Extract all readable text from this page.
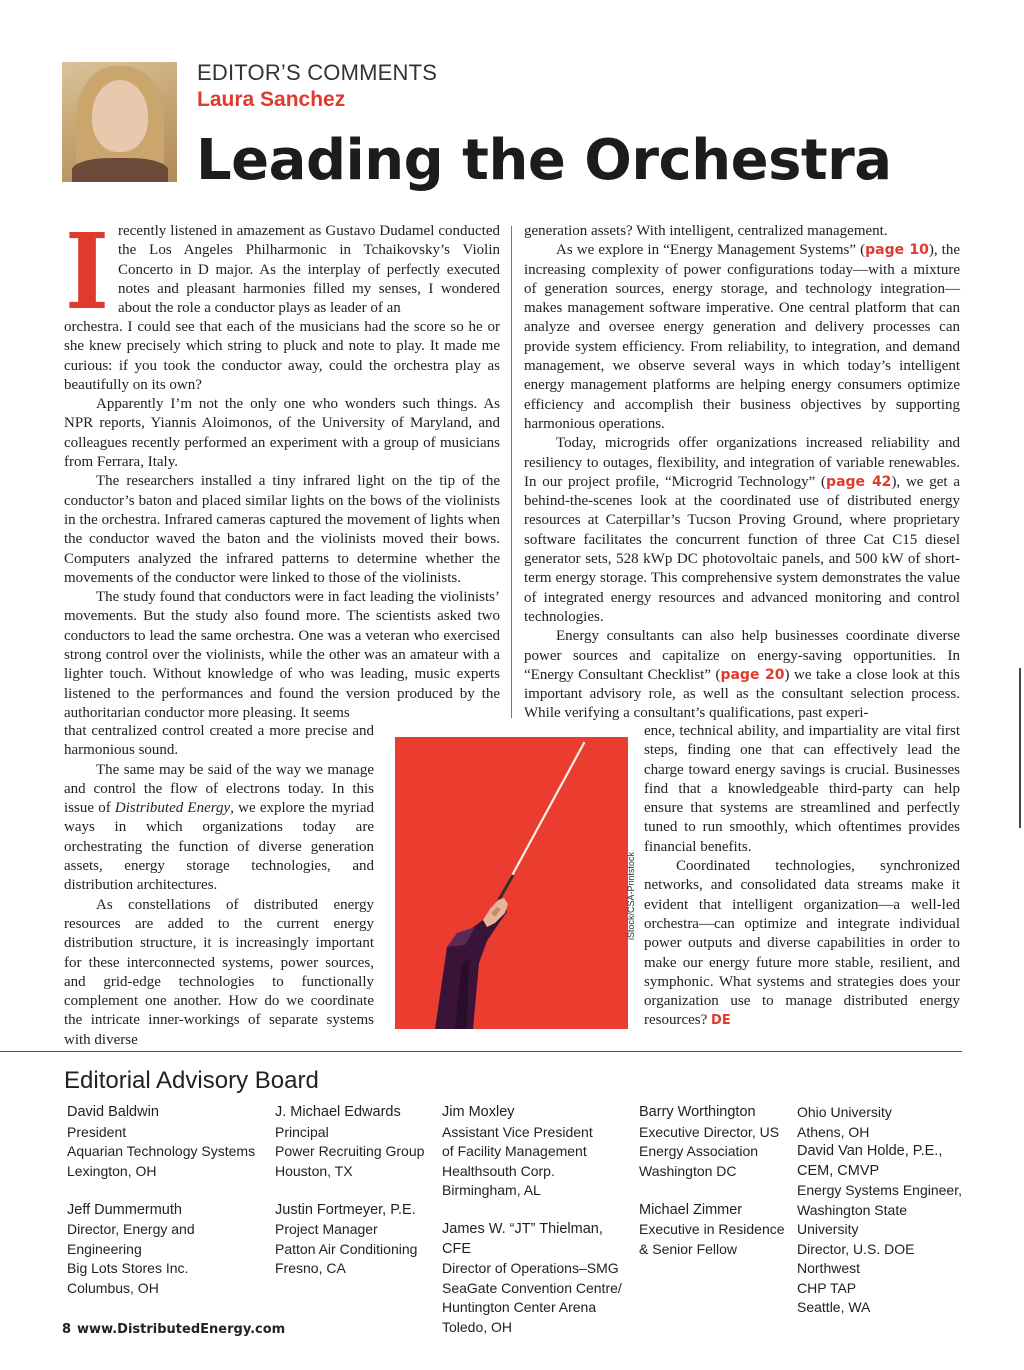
EDITOR’S COMMENTS
Laura Sanchez
Leading the Orchestra
I recently listened in amazement as Gustavo Dudamel conducted the Los Angeles Philharmonic in Tchaikovsky’s Violin Concerto in D major. As the interplay of perfectly executed notes and pleasant harmonies filled my senses, I wondered about the role a conductor plays as leader of an

orchestra. I could see that each of the musicians had the score so he or she knew precisely which string to pluck and note to play. It made me curious: if you took the conductor away, could the orchestra play as beautifully on its own?

Apparently I’m not the only one who wonders such things. As NPR reports, Yiannis Aloimonos, of the University of Maryland, and colleagues recently performed an experiment with a group of musicians from Ferrara, Italy.

The researchers installed a tiny infrared light on the tip of the conductor’s baton and placed similar lights on the bows of the violinists in the orchestra. Infrared cameras captured the movement of lights when the conductor waved the baton and the violinists moved their bows. Computers analyzed the infrared patterns to determine whether the movements of the conductor were linked to those of the violinists.

The study found that conductors were in fact leading the violinists’ movements. But the study also found more. The scientists asked two conductors to lead the same orchestra. One was a veteran who exercised strong control over the violinists, while the other was an amateur with a lighter touch. Without knowledge of who was leading, music experts listened to the performances and found the version produced by the authoritarian conductor more pleasing. It seems

that centralized control created a more precise and harmonious sound.

The same may be said of the way we manage and control the flow of electrons today. In this issue of Distributed Energy, we explore the myriad ways in which organizations today are orchestrating the function of diverse generation assets, energy storage technologies, and distribution architectures.

As constellations of distributed energy resources are added to the current energy distribution structure, it is increasingly important for these interconnected systems, power sources, and grid-edge technologies to functionally complement one another. How do we coordinate the intricate inner-workings of separate systems with diverse

generation assets? With intelligent, centralized management.

As we explore in “Energy Management Systems” (page 10), the increasing complexity of power configurations today—with a mixture of generation sources, energy storage, and technology integration—makes management software imperative. One central platform that can analyze and oversee energy generation and delivery processes can provide system efficiency. From reliability, to integration, and demand management, we observe several ways in which today’s intelligent energy management platforms are helping energy consumers optimize efficiency and accomplish their business objectives by supporting harmonious operations.

Today, microgrids offer organizations increased reliability and resiliency to outages, flexibility, and integration of variable renewables. In our project profile, “Microgrid Technology” (page 42), we get a behind-the-scenes look at the coordinated use of distributed energy resources at Caterpillar’s Tucson Proving Ground, where proprietary software facilitates the concurrent function of three Cat C15 diesel generator sets, 528 kWp DC photovoltaic panels, and 500 kW of short-term energy storage. This comprehensive system demonstrates the value of integrated energy resources and advanced monitoring and control technologies.

Energy consultants can also help businesses coordinate diverse power sources and capitalize on energy-saving opportunities. In “Energy Consultant Checklist” (page 20) we take a close look at this important advisory role, as well as the consultant selection process. While verifying a consultant’s qualifications, past experi-

ence, technical ability, and impartiality are vital first steps, finding one that can effectively lead the charge toward energy savings is crucial. Businesses find that a knowledgeable third-party can help ensure that systems are streamlined and perfectly tuned to run smoothly, which oftentimes provides financial benefits.

Coordinated technologies, synchronized networks, and consolidated data streams make it evident that intelligent organization—a well-led orchestra—can optimize and integrate individual power outputs and diverse capabilities in order to make our energy future more stable, resilient, and symphonic. What systems and strategies does your organization use to manage distributed energy resources? DE

iStock/CSA-Printstock
Editorial Advisory Board
David Baldwin
President
Aquarian Technology Systems
Lexington, OH
Jeff Dummermuth
Director, Energy and Engineering
Big Lots Stores Inc.
Columbus, OH
J. Michael Edwards
Principal
Power Recruiting Group
Houston, TX
Justin Fortmeyer, P.E.
Project Manager
Patton Air Conditioning
Fresno, CA
Jim Moxley
Assistant Vice President
of Facility Management
Healthsouth Corp.
Birmingham, AL
James W. “JT” Thielman, CFE
Director of Operations–SMG
SeaGate Convention Centre/
Huntington Center Arena
Toledo, OH
Barry Worthington
Executive Director, US
Energy Association
Washington DC
Michael Zimmer
Executive in Residence
& Senior Fellow
Ohio University
Athens, OH
David Van Holde, P.E., CEM, CMVP
Energy Systems Engineer,
Washington State University
Director, U.S. DOE Northwest
CHP TAP
Seattle, WA
8 www.DistributedEnergy.com
